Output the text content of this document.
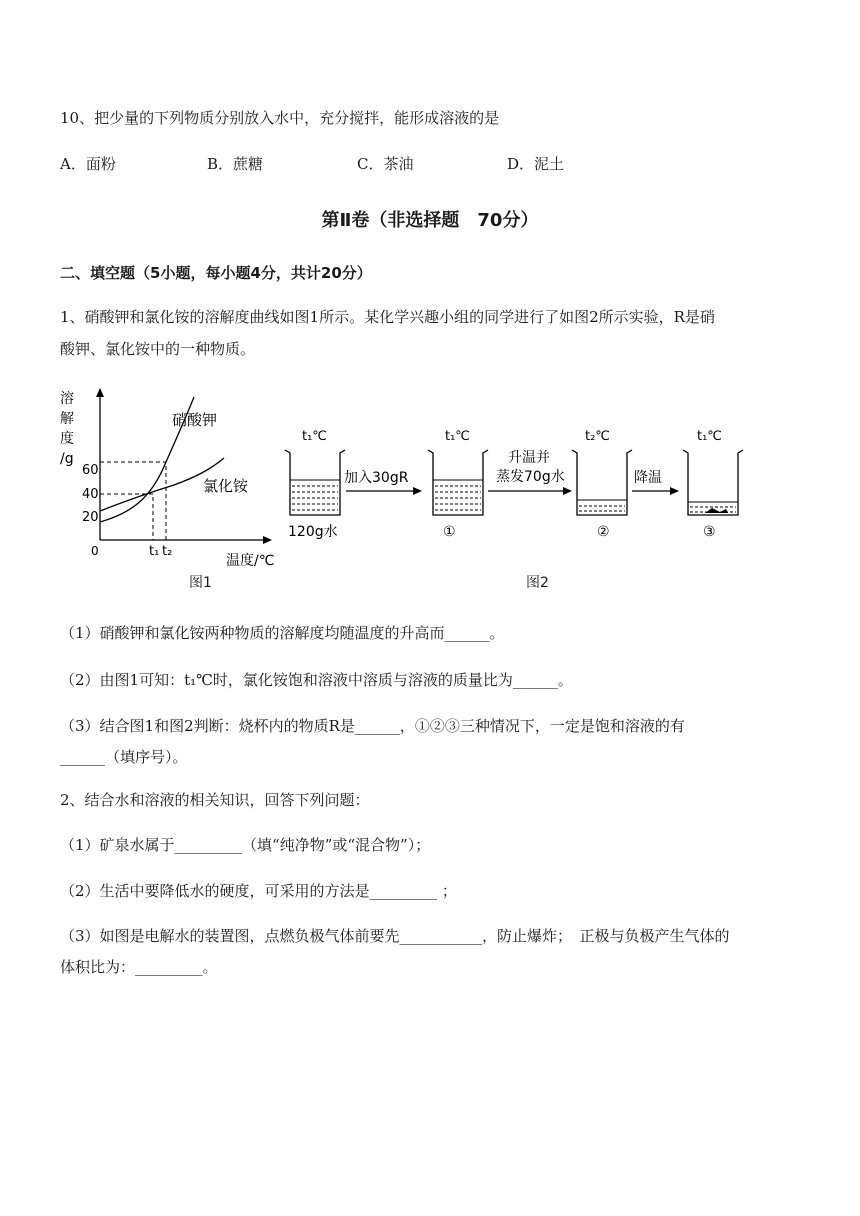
10、把少量的下列物质分别放入水中，充分搅拌，能形成溶液的是
A．面粉	B．蔗糖	C．茶油	D．泥土
第Ⅱ卷（非选择题　70分）
二、填空题（5小题，每小题4分，共计20分）
1、硝酸钾和氯化铵的溶解度曲线如图1所示。某化学兴趣小组的同学进行了如图2所示实验，R是硝
酸钾、氯化铵中的一种物质。
溶
解
度
/g
60
40
20
0	t₁ t₂
硝酸钾
氯化铵
温度/℃
图1
t₁℃
120g水
加入30gR
t₁℃
①
升温并
蒸发70g水
t₂℃
②
降温
t₁℃
③
图2
（1）硝酸钾和氯化铵两种物质的溶解度均随温度的升高而______。
（2）由图1可知：t₁℃时，氯化铵饱和溶液中溶质与溶液的质量比为______。
（3）结合图1和图2判断：烧杯内的物质R是______，①②③三种情况下，一定是饱和溶液的有
______（填序号）。
2、结合水和溶液的相关知识，回答下列问题：
（1）矿泉水属于_________（填“纯净物”或“混合物”）；
（2）生活中要降低水的硬度，可采用的方法是_________ ；
（3）如图是电解水的装置图，点燃负极气体前要先___________，防止爆炸；　正极与负极产生气体的
体积比为：_________。
